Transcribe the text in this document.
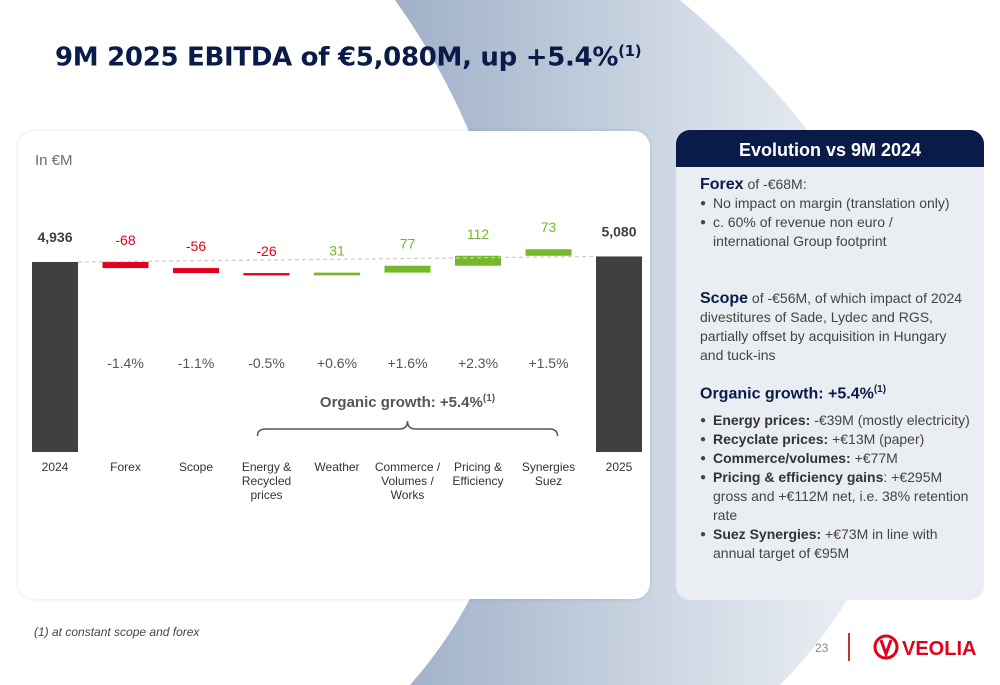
9M 2025 EBITDA of €5,080M, up +5.4%$^{(1)}$
In €M
4,936
2024
-68
-1.4%
Forex
-56
-1.1%
Scope
-26
-0.5%
Energy &
Recycled
prices
31
+0.6%
Weather
77
+1.6%
Commerce /
Volumes /
Works
112
+2.3%
Pricing &
Efficiency
73
+1.5%
Synergies
Suez
5,080
2025
Organic growth: +5.4%$^{(1)}$
Evolution vs 9M 2024
Forex of -€68M:
● No impact on margin (translation only)
● c. 60% of revenue non euro / international Group footprint
Scope of -€56M, of which impact of 2024 divestitures of Sade, Lydec and RGS, partially offset by acquisition in Hungary and tuck-ins
Organic growth: +5.4%$^{(1)}$
● Energy prices: -€39M (mostly electricity)
● Recyclate prices: +€13M (paper)
● Commerce/volumes: +€77M
● Pricing & efficiency gains: +€295M gross and +€112M net, i.e. 38% retention rate
● Suez Synergies: +€73M in line with annual target of €95M
(1) at constant scope and forex
23	VEOLIA
